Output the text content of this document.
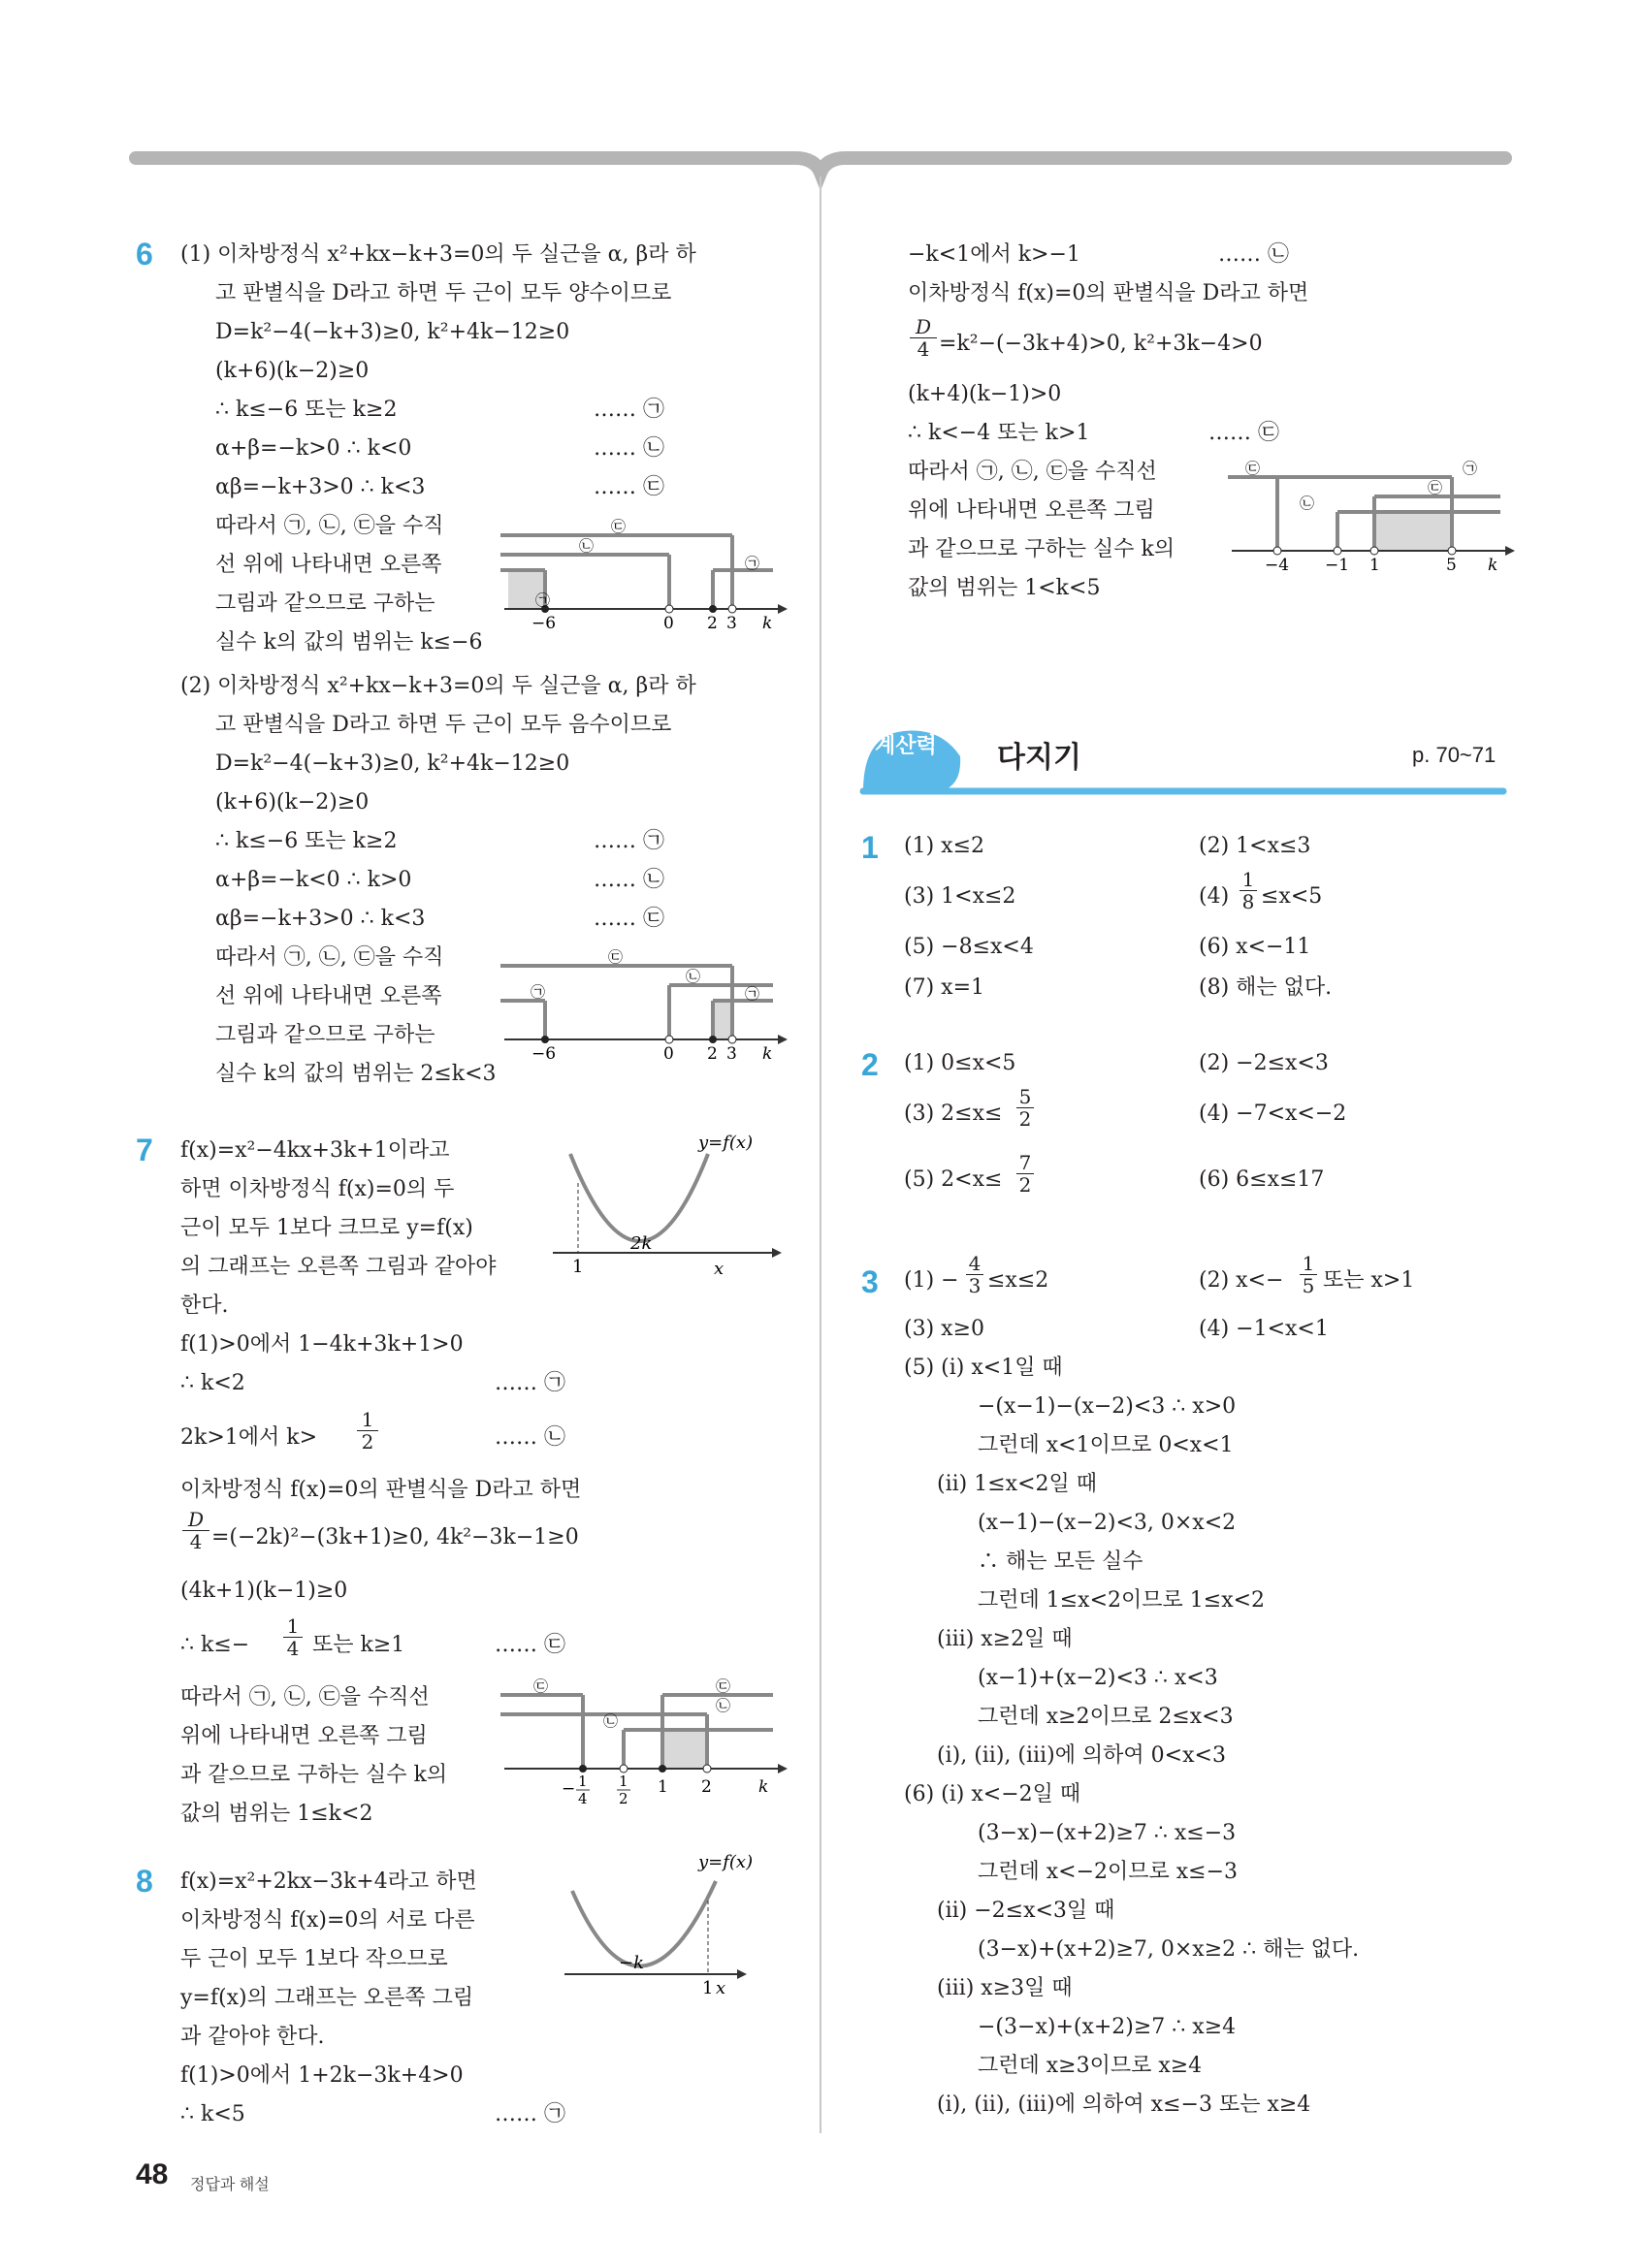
6 (1) 이차방정식 x²+kx−k+3=0의 두 실근을 α, β라 하
고 판별식을 D라고 하면 두 근이 모두 양수이므로
D=k²−4(−k+3)≥0, k²+4k−12≥0
(k+6)(k−2)≥0
∴ k≤−6 또는 k≥2
α+β=−k>0 ∴ k<0
αβ=−k+3>0 ∴ k<3
따라서 ㉠, ㉡, ㉢을 수직
선 위에 나타내면 오른쪽
그림과 같으므로 구하는
실수 k의 값의 범위는 k≤−6
(2) 이차방정식 x²+kx−k+3=0의 두 실근을 α, β라 하
고 판별식을 D라고 하면 두 근이 모두 음수이므로
D=k²−4(−k+3)≥0, k²+4k−12≥0
(k+6)(k−2)≥0
∴ k≤−6 또는 k≥2
α+β=−k<0 ∴ k>0
αβ=−k+3>0 ∴ k<3
따라서 ㉠, ㉡, ㉢을 수직
선 위에 나타내면 오른쪽
그림과 같으므로 구하는
실수 k의 값의 범위는 2≤k<3
…… ㉠
…… ㉡
…… ㉢
…… ㉠
…… ㉡
…… ㉢
㉠
㉡
㉢
㉠
−6	0 2 3 k
㉠
㉡
㉢
㉠
−6	0 2 3 k
7 f(x)=x²−4kx+3k+1이라고
하면 이차방정식 f(x)=0의 두
근이 모두 1보다 크므로 y=f(x)
의 그래프는 오른쪽 그림과 같아야
한다.
f(1)>0에서 1−4k+3k+1>0
∴ k<2
2k>1에서 k>
1
2
이차방정식 f(x)=0의 판별식을 D라고 하면
D
4 =(−2k)²−(3k+1)≥0, 4k²−3k−1≥0
(4k+1)(k−1)≥0
∴ k≤−
1
4 또는 k≥1
따라서 ㉠, ㉡, ㉢을 수직선
위에 나타내면 오른쪽 그림
과 같으므로 구하는 실수 k의
값의 범위는 1≤k<2
…… ㉠
…… ㉡
…… ㉢
y=f(x)
2k
1	x
㉢
㉡
㉢
㉡
− 1
4
1
2
1 2	k
8 f(x)=x²+2kx−3k+4라고 하면
이차방정식 f(x)=0의 서로 다른
두 근이 모두 1보다 작으므로
y=f(x)의 그래프는 오른쪽 그림
과 같아야 한다.
f(1)>0에서 1+2k−3k+4>0
∴ k<5	…… ㉠
y=f(x)
−k
1 x
−k<1에서 k>−1	…… ㉡
이차방정식 f(x)=0의 판별식을 D라고 하면
D
4 =k²−(−3k+4)>0, k²+3k−4>0
(k+4)(k−1)>0
∴ k<−4 또는 k>1	…… ㉢
따라서 ㉠, ㉡, ㉢을 수직선
위에 나타내면 오른쪽 그림
과 같으므로 구하는 실수 k의
값의 범위는 1<k<5
㉢
㉡
㉢
㉠
−4 −1 1	5 k
계산력 다지기	p. 70~71
1 (1) x≤2	(2) 1<x≤3
(3) 1<x≤2	(4)
1
8 ≤x<5
(5) −8≤x<4	(6) x<−11
(7) x=1	(8) 해는 없다.
2 (1) 0≤x<5	(2) −2≤x<3
(3) 2≤x≤
5
2	(4) −7<x<−2
(5) 2<x≤
7
2	(6) 6≤x≤17
3 (1) −
4
3 ≤x≤2	(2) x<−
1
5 또는 x>1
(3) x≥0	(4) −1<x<1
(5) (ⅰ) x<1일 때
−(x−1)−(x−2)<3 ∴ x>0
그런데 x<1이므로 0<x<1
(ⅱ) 1≤x<2일 때
(x−1)−(x−2)<3, 0×x<2
∴ 해는 모든 실수
그런데 1≤x<2이므로 1≤x<2
(ⅲ) x≥2일 때
(x−1)+(x−2)<3 ∴ x<3
그런데 x≥2이므로 2≤x<3
(ⅰ), (ⅱ), (ⅲ)에 의하여 0<x<3
(6) (ⅰ) x<−2일 때
(3−x)−(x+2)≥7 ∴ x≤−3
그런데 x<−2이므로 x≤−3
(ⅱ) −2≤x<3일 때
(3−x)+(x+2)≥7, 0×x≥2 ∴ 해는 없다.
(ⅲ) x≥3일 때
−(3−x)+(x+2)≥7 ∴ x≥4
그런데 x≥3이므로 x≥4
(ⅰ), (ⅱ), (ⅲ)에 의하여 x≤−3 또는 x≥4
48 정답과 해설
